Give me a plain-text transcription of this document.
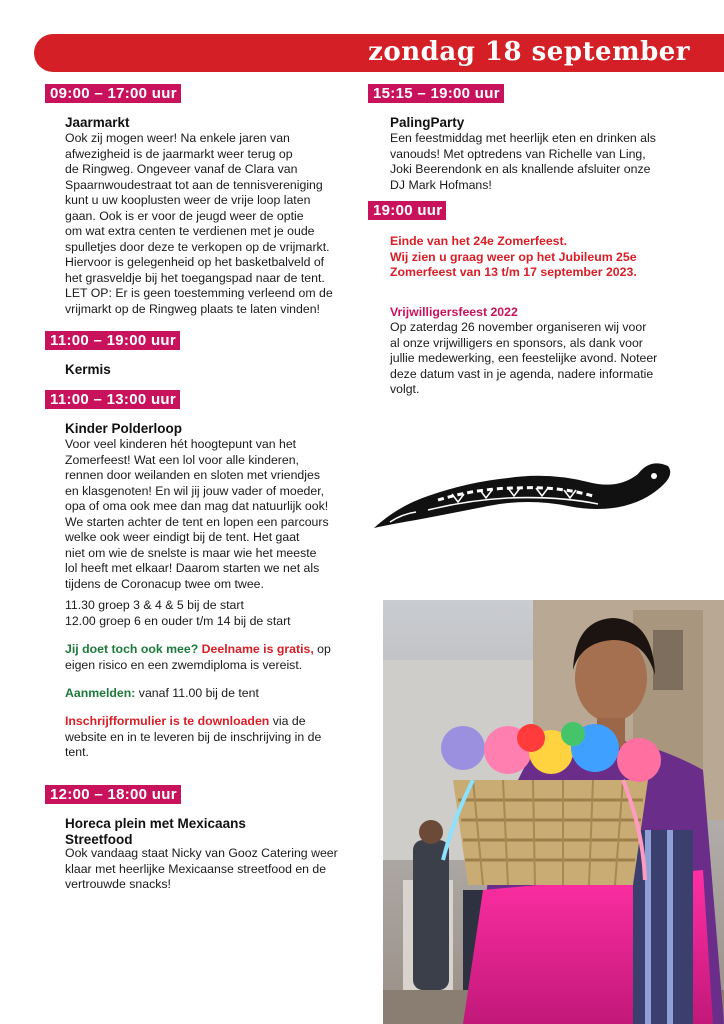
zondag 18 september
09:00 – 17:00 uur
Jaarmarkt
Ook zij mogen weer! Na enkele jaren van
afwezigheid is de jaarmarkt weer terug op
de Ringweg. Ongeveer vanaf de Clara van
Spaarnwoudestraat tot aan de tennisvereniging
kunt u uw kooplusten weer de vrije loop laten
gaan. Ook is er voor de jeugd weer de optie
om wat extra centen te verdienen met je oude
spulletjes door deze te verkopen op de vrijmarkt.
Hiervoor is gelegenheid op het basketbalveld of
het grasveldje bij het toegangspad naar de tent.
LET OP: Er is geen toestemming verleend om de
vrijmarkt op de Ringweg plaats te laten vinden!
11:00 – 19:00 uur
Kermis
11:00 – 13:00 uur
Kinder Polderloop
Voor veel kinderen hét hoogtepunt van het
Zomerfeest! Wat een lol voor alle kinderen,
rennen door weilanden en sloten met vriendjes
en klasgenoten! En wil jij jouw vader of moeder,
opa of oma ook mee dan mag dat natuurlijk ook!
We starten achter de tent en lopen een parcours
welke ook weer eindigt bij de tent. Het gaat
niet om wie de snelste is maar wie het meeste
lol heeft met elkaar! Daarom starten we net als
tijdens de Coronacup twee om twee.
11.30 groep 3 & 4 & 5 bij de start
12.00 groep 6 en ouder t/m 14 bij de start
Jij doet toch ook mee? Deelname is gratis, op
eigen risico en een zwemdiploma is vereist.
Aanmelden: vanaf 11.00 bij de tent
Inschrijfformulier is te downloaden via de
website en in te leveren bij de inschrijving in de
tent.
12:00 – 18:00 uur
Horeca plein met Mexicaans
Streetfood
Ook vandaag staat Nicky van Gooz Catering weer
klaar met heerlijke Mexicaanse streetfood en de
vertrouwde snacks!
15:15 – 19:00 uur
PalingParty
Een feestmiddag met heerlijk eten en drinken als
vanouds! Met optredens van Richelle van Ling,
Joki Beerendonk en als knallende afsluiter onze
DJ Mark Hofmans!
19:00 uur
Einde van het 24e Zomerfeest.
Wij zien u graag weer op het Jubileum 25e
Zomerfeest van 13 t/m 17 september 2023.
Vrijwilligersfeest 2022
Op zaterdag 26 november organiseren wij voor
al onze vrijwilligers en sponsors, als dank voor
jullie medewerking, een feestelijke avond. Noteer
deze datum vast in je agenda, nadere informatie
volgt.
